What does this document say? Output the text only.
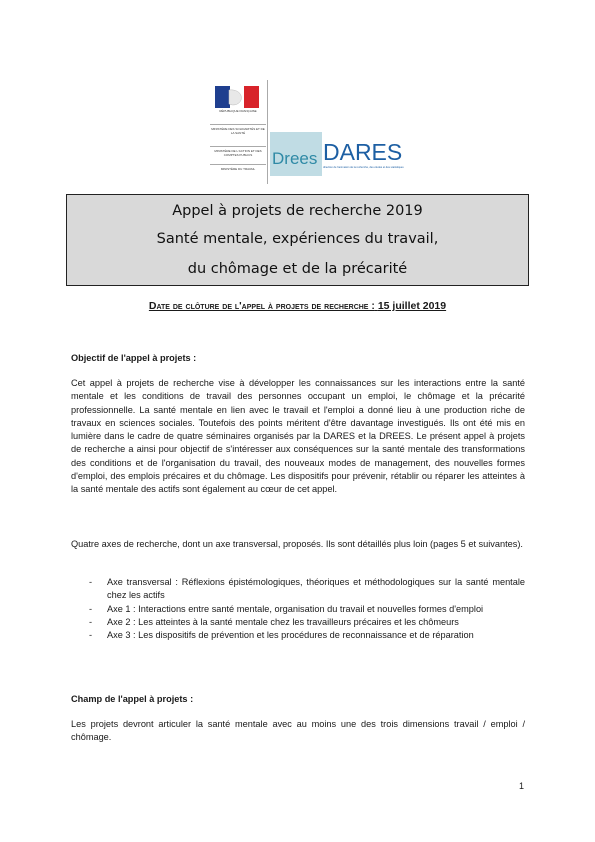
RÉPUBLIQUE FRANÇAISE
MINISTÈRE DES SOLIDARITÉS ET DE LA SANTÉ
MINISTÈRE DE L'ACTION ET DES COMPTES PUBLICS
MINISTÈRE DU TRAVAIL
Drees DARES
direction de l'animation de la recherche, des études et des statistiques
Appel à projets de recherche 2019
Santé mentale, expériences du travail,
du chômage et de la précarité
Date de clôture de l'appel à projets de recherche : 15 juillet 2019
Objectif de l'appel à projets :
Cet appel à projets de recherche vise à développer les connaissances sur les interactions entre la santé mentale et les conditions de travail des personnes occupant un emploi, le chômage et la précarité professionnelle. La santé mentale en lien avec le travail et l'emploi a donné lieu à une production riche de travaux en sciences sociales. Toutefois des points méritent d'être davantage investigués. Ils ont été mis en lumière dans le cadre de quatre séminaires organisés par la DARES et la DREES. Le présent appel à projets de recherche a ainsi pour objectif de s'intéresser aux conséquences sur la santé mentale des transformations des conditions et de l'organisation du travail, des nouveaux modes de management, des nouvelles formes d'emploi, des emplois précaires et du chômage. Les dispositifs pour prévenir, rétablir ou réparer les atteintes à la santé mentale des actifs sont également au cœur de cet appel.
Quatre axes de recherche, dont un axe transversal, proposés. Ils sont détaillés plus loin (pages 5 et suivantes).
- Axe transversal : Réflexions épistémologiques, théoriques et méthodologiques sur la santé mentale chez les actifs
- Axe 1 : Interactions entre santé mentale, organisation du travail et nouvelles formes d'emploi
- Axe 2 : Les atteintes à la santé mentale chez les travailleurs précaires et les chômeurs
- Axe 3 : Les dispositifs de prévention et les procédures de reconnaissance et de réparation
Champ de l'appel à projets :
Les projets devront articuler la santé mentale avec au moins une des trois dimensions travail / emploi / chômage.
1
